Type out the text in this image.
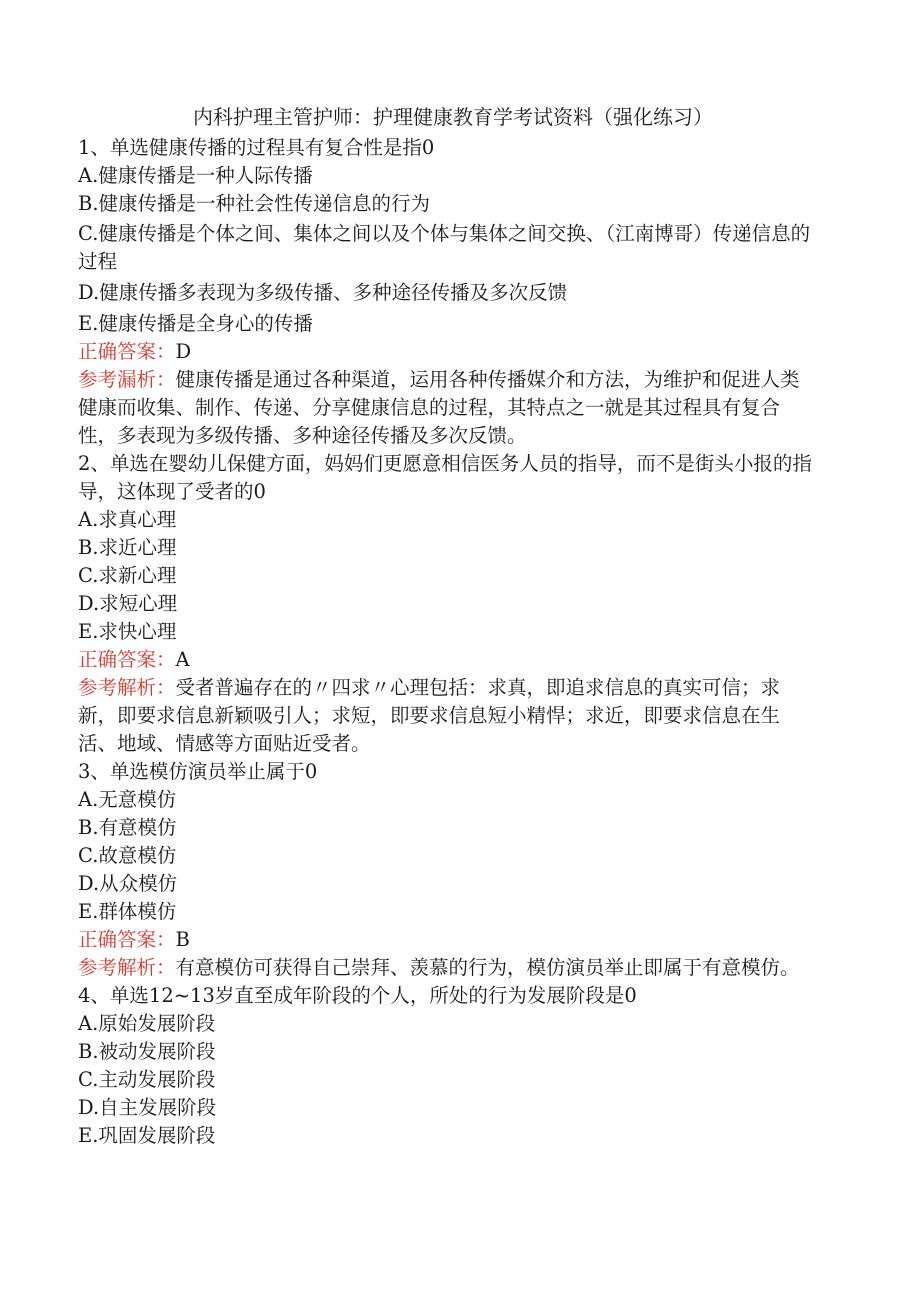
内科护理主管护师：护理健康教育学考试资料（强化练习）

1、单选健康传播的过程具有复合性是指0

A.健康传播是一种人际传播

B.健康传播是一种社会性传递信息的行为

C.健康传播是个体之间、集体之间以及个体与集体之间交换、（江南博哥）传递信息的过程

D.健康传播多表现为多级传播、多种途径传播及多次反馈

E.健康传播是全身心的传播

正确答案：D

参考漏析：健康传播是通过各种渠道，运用各种传播媒介和方法，为维护和促进人类健康而收集、制作、传递、分享健康信息的过程，其特点之一就是其过程具有复合性，多表现为多级传播、多种途径传播及多次反馈。

2、单选在婴幼儿保健方面，妈妈们更愿意相信医务人员的指导，而不是街头小报的指导，这体现了受者的0

A.求真心理

B.求近心理

C.求新心理

D.求短心理

E.求快心理

正确答案：A

参考解析：受者普遍存在的〃四求〃心理包括：求真，即追求信息的真实可信；求新，即要求信息新颖吸引人；求短，即要求信息短小精悍；求近，即要求信息在生活、地域、情感等方面贴近受者。

3、单选模仿演员举止属于0

A.无意模仿

B.有意模仿

C.故意模仿

D.从众模仿

E.群体模仿

正确答案：B

参考解析：有意模仿可获得自己崇拜、羡慕的行为，模仿演员举止即属于有意模仿。

4、单选12~13岁直至成年阶段的个人，所处的行为发展阶段是0

A.原始发展阶段

B.被动发展阶段

C.主动发展阶段

D.自主发展阶段

E.巩固发展阶段
